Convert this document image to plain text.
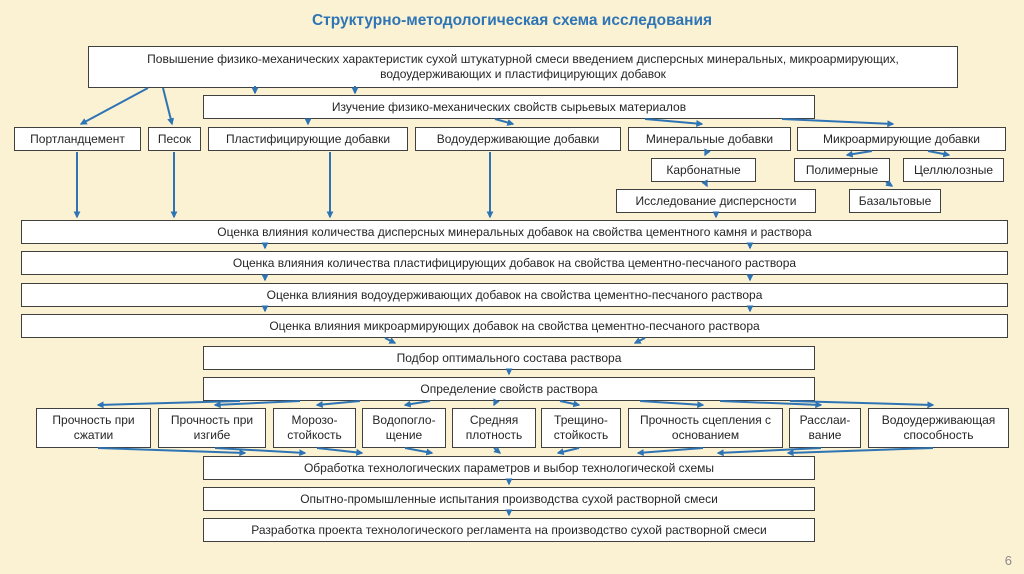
Структурно-методологическая схема исследования
Повышение физико-механических характеристик сухой штукатурной смеси введением дисперсных минеральных, микроармирующих, водоудерживающих и пластифицирующих добавок
Изучение физико-механических свойств сырьевых материалов
Портландцемент	Песок	Пластифицирующие добавки	Водоудерживающие добавки	Минеральные добавки	Микроармирующие добавки
Карбонатные	Полимерные	Целлюлозные
Исследование дисперсности	Базальтовые
Оценка влияния количества дисперсных минеральных добавок на свойства цементного камня и раствора
Оценка влияния количества пластифицирующих добавок на свойства цементно-песчаного раствора
Оценка влияния водоудерживающих добавок на свойства цементно-песчаного раствора
Оценка влияния микроармирующих добавок на свойства цементно-песчаного раствора
Подбор оптимального состава раствора
Определение свойств раствора
Прочность при сжатии
Прочность при изгибе
Морозо-стойкость
Водопогло-щение
Средняя плотность
Трещино-стойкость
Прочность сцепления с основанием
Расслаи-вание
Водоудерживающая способность
Обработка технологических параметров и выбор технологической схемы
Опытно-промышленные испытания производства сухой растворной смеси
Разработка проекта технологического регламента на производство сухой растворной смеси
6
